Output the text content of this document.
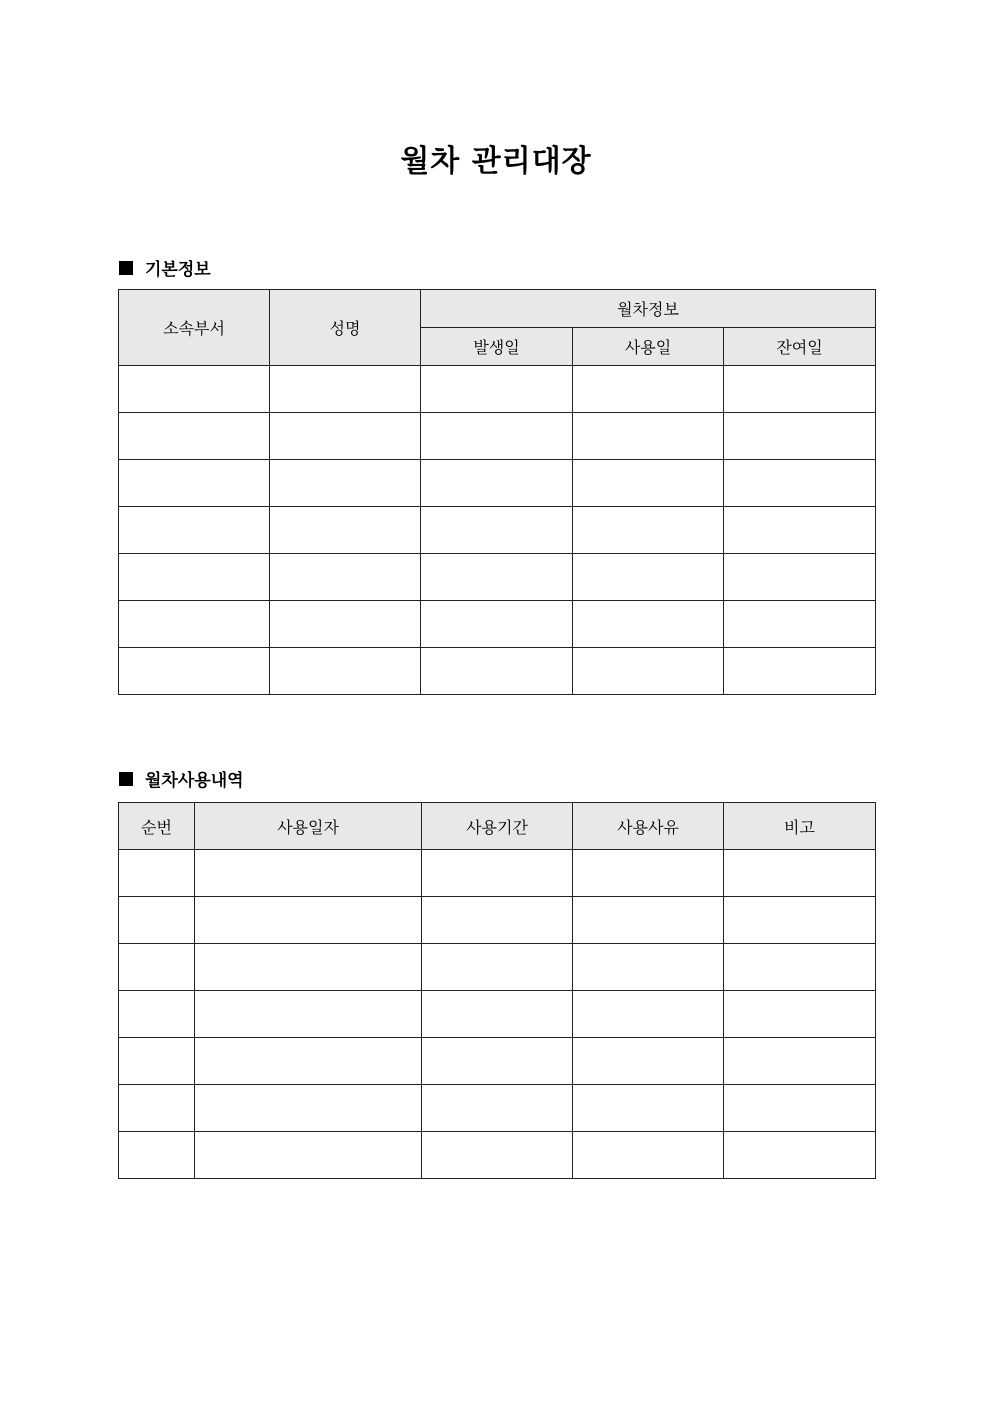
월차 관리대장
기본정보
소속부서	성명	월차정보		
		발생일	사용일	잔여일

월차사용내역
순번	사용일자	사용기간	사용사유	비고
